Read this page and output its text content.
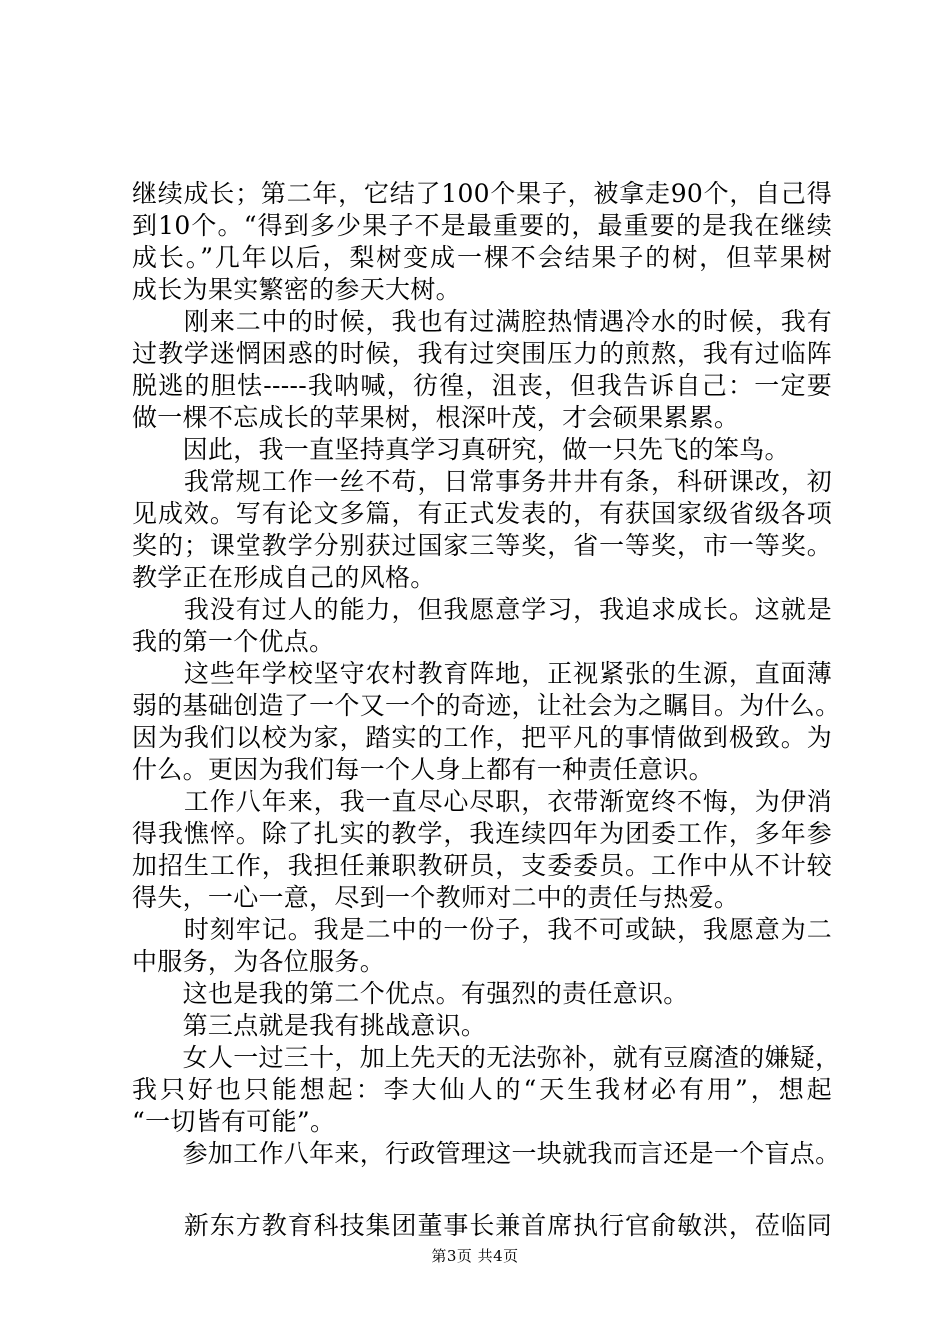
继续成长；第二年，它结了100个果子，被拿走90个，自己得
到10个。“得到多少果子不是最重要的，最重要的是我在继续
成长。”几年以后，梨树变成一棵不会结果子的树，但苹果树
成长为果实繁密的参天大树。
　　刚来二中的时候，我也有过满腔热情遇冷水的时候，我有
过教学迷惘困惑的时候，我有过突围压力的煎熬，我有过临阵
脱逃的胆怯-----我呐喊，彷徨，沮丧，但我告诉自己：一定要
做一棵不忘成长的苹果树，根深叶茂，才会硕果累累。
　　因此，我一直坚持真学习真研究，做一只先飞的笨鸟。
　　我常规工作一丝不苟，日常事务井井有条，科研课改，初
见成效。写有论文多篇，有正式发表的，有获国家级省级各项
奖的；课堂教学分别获过国家三等奖，省一等奖，市一等奖。
教学正在形成自己的风格。
　　我没有过人的能力，但我愿意学习，我追求成长。这就是
我的第一个优点。
　　这些年学校坚守农村教育阵地，正视紧张的生源，直面薄
弱的基础创造了一个又一个的奇迹，让社会为之瞩目。为什么。
因为我们以校为家，踏实的工作，把平凡的事情做到极致。为
什么。更因为我们每一个人身上都有一种责任意识。
　　工作八年来，我一直尽心尽职，衣带渐宽终不悔，为伊消
得我憔悴。除了扎实的教学，我连续四年为团委工作，多年参
加招生工作，我担任兼职教研员，支委委员。工作中从不计较
得失，一心一意，尽到一个教师对二中的责任与热爱。
　　时刻牢记。我是二中的一份子，我不可或缺，我愿意为二
中服务，为各位服务。
　　这也是我的第二个优点。有强烈的责任意识。
　　第三点就是我有挑战意识。
　　女人一过三十，加上先天的无法弥补，就有豆腐渣的嫌疑，
我只好也只能想起：李大仙人的“天生我材必有用”，想起
“一切皆有可能”。
　　参加工作八年来，行政管理这一块就我而言还是一个盲点。
　　新东方教育科技集团董事长兼首席执行官俞敏洪，莅临同
第3页 共4页
